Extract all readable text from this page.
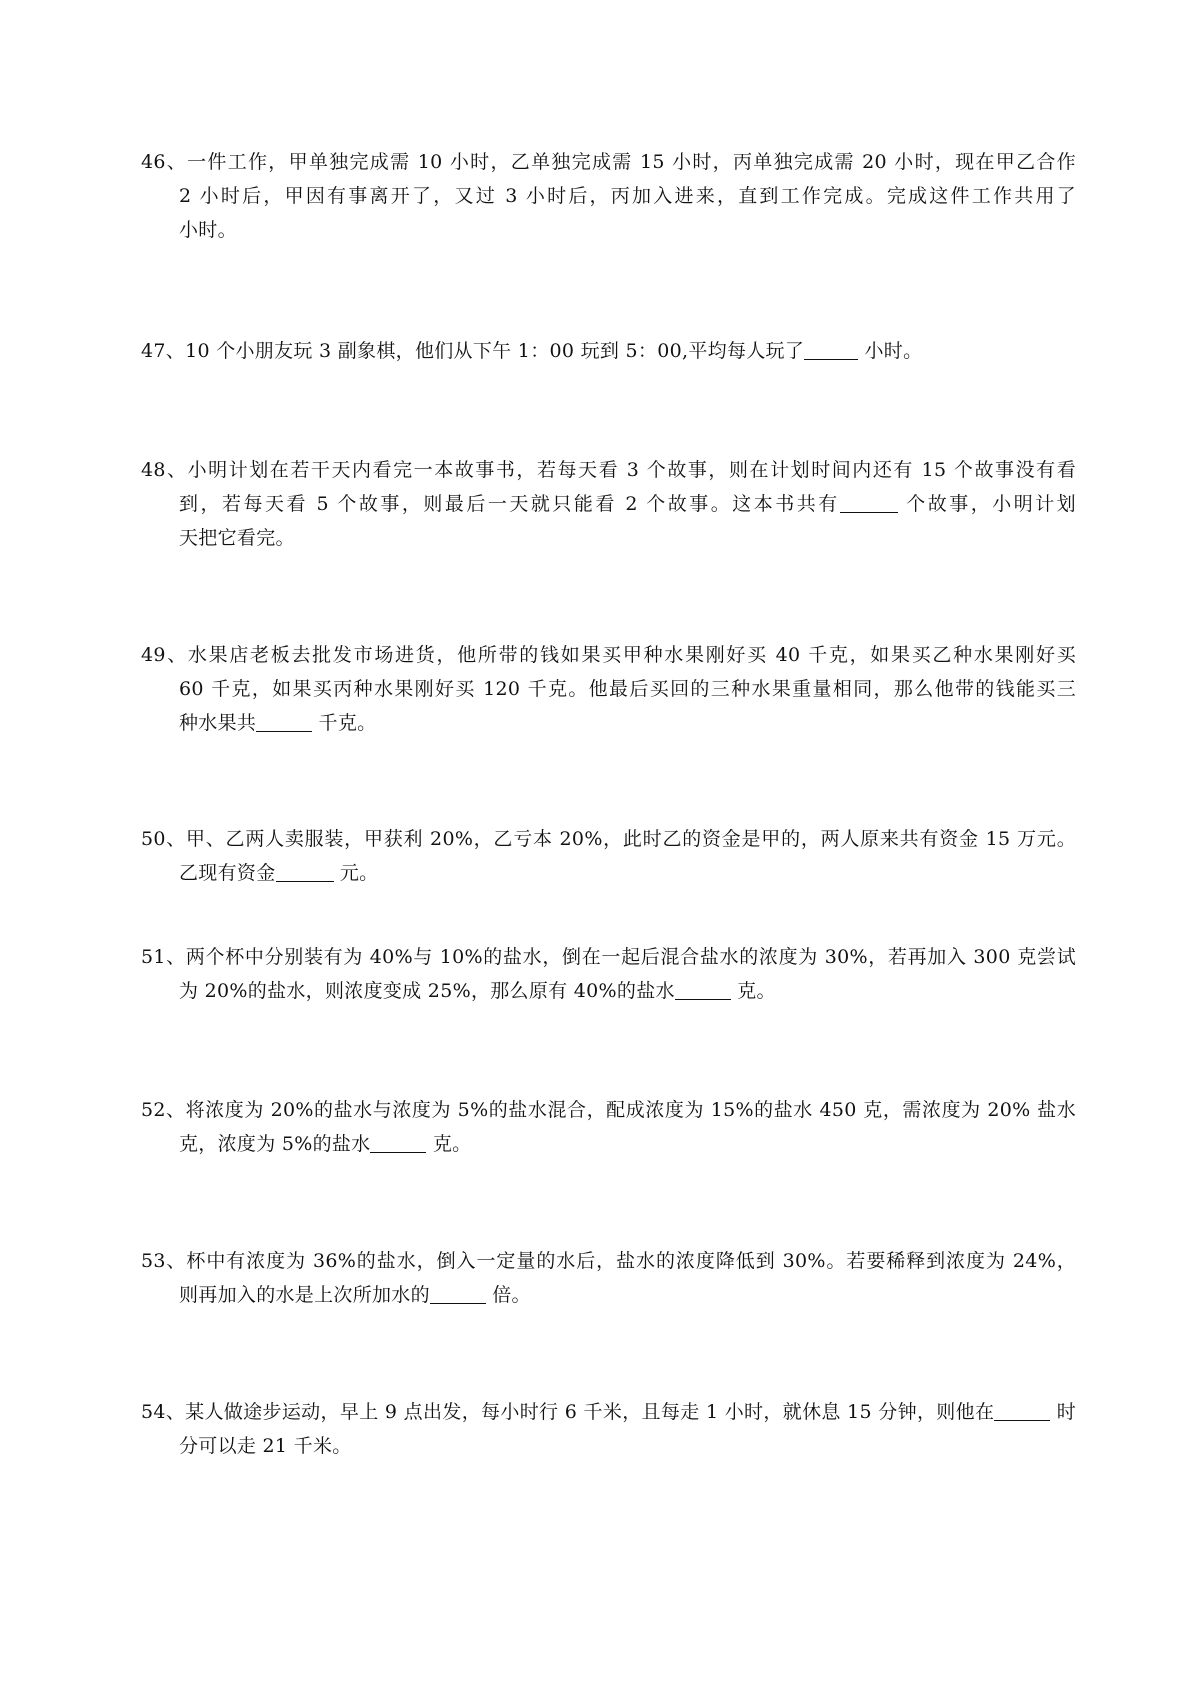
46、一件工作，甲单独完成需 10 小时，乙单独完成需 15 小时，丙单独完成需 20 小时，现在甲乙合作
2 小时后，甲因有事离开了，又过 3 小时后，丙加入进来，直到工作完成。完成这件工作共用了
小时。
47、10 个小朋友玩 3 副象棋，他们从下午 1：00 玩到 5：00,平均每人玩了	小时。
48、小明计划在若干天内看完一本故事书，若每天看 3 个故事，则在计划时间内还有 15 个故事没有看
到，若每天看 5 个故事，则最后一天就只能看 2 个故事。这本书共有	个故事，小明计划
天把它看完。
49、水果店老板去批发市场进货，他所带的钱如果买甲种水果刚好买 40 千克，如果买乙种水果刚好买
60 千克，如果买丙种水果刚好买 120 千克。他最后买回的三种水果重量相同，那么他带的钱能买三
种水果共	千克。
50、甲、乙两人卖服装，甲获利 20%，乙亏本 20%，此时乙的资金是甲的，两人原来共有资金 15 万元。
乙现有资金	元。
51、两个杯中分别装有为 40%与 10%的盐水，倒在一起后混合盐水的浓度为 30%，若再加入 300 克尝试
为 20%的盐水，则浓度变成 25%，那么原有 40%的盐水	克。
52、将浓度为 20%的盐水与浓度为 5%的盐水混合，配成浓度为 15%的盐水 450 克，需浓度为 20% 盐水
克，浓度为 5%的盐水	克。
53、杯中有浓度为 36%的盐水，倒入一定量的水后，盐水的浓度降低到 30%。若要稀释到浓度为 24%，
则再加入的水是上次所加水的	倍。
54、某人做途步运动，早上 9 点出发，每小时行 6 千米，且每走 1 小时，就休息 15 分钟，则他在	时
分可以走 21 千米。
